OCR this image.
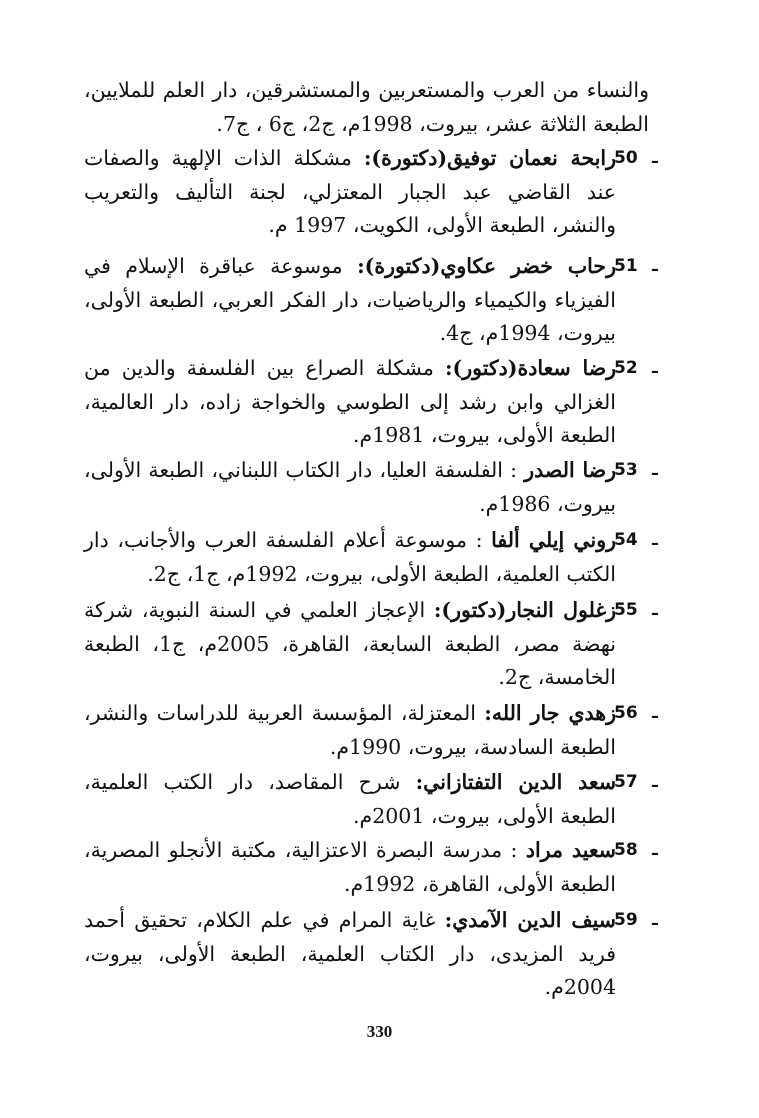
والنساء من العرب والمستعربين والمستشرقين، دار العلم للملايين، الطبعة الثلاثة عشر، بيروت، 1998م، ج2، ج6 ، ج7.
50 ـ
رابحة نعمان توفيق(دكتورة): مشكلة الذات الإلهية والصفات عند القاضي عبد الجبار المعتزلي، لجنة التأليف والتعريب والنشر، الطبعة الأولى، الكويت، 1997 م.
51 ـ
رحاب خضر عكاوي(دكتورة): موسوعة عباقرة الإسلام في الفيزياء والكيمياء والرياضيات، دار الفكر العربي، الطبعة الأولى، بيروت، 1994م، ج4.
52 ـ
رضا سعادة(دكتور): مشكلة الصراع بين الفلسفة والدين من الغزالي وابن رشد إلى الطوسي والخواجة زاده، دار العالمية، الطبعة الأولى، بيروت، 1981م.
53 ـ
رضا الصدر : الفلسفة العليا، دار الكتاب اللبناني، الطبعة الأولى، بيروت، 1986م.
54 ـ
روني إيلي ألفا : موسوعة أعلام الفلسفة العرب والأجانب، دار الكتب العلمية، الطبعة الأولى، بيروت، 1992م، ج1، ج2.
55 ـ
زغلول النجار(دكتور): الإعجاز العلمي في السنة النبوية، شركة نهضة مصر، الطبعة السابعة، القاهرة، 2005م، ج1، الطبعة الخامسة، ج2.
56 ـ
زهدي جار الله: المعتزلة، المؤسسة العربية للدراسات والنشر، الطبعة السادسة، بيروت، 1990م.
57 ـ
سعد الدين التفتازاني: شرح المقاصد، دار الكتب العلمية، الطبعة الأولى، بيروت، 2001م.
58 ـ
سعيد مراد : مدرسة البصرة الاعتزالية، مكتبة الأنجلو المصرية، الطبعة الأولى، القاهرة، 1992م.
59 ـ
سيف الدين الآمدي: غاية المرام في علم الكلام، تحقيق أحمد فريد المزيدى، دار الكتاب العلمية، الطبعة الأولى، بيروت، 2004م.
330
